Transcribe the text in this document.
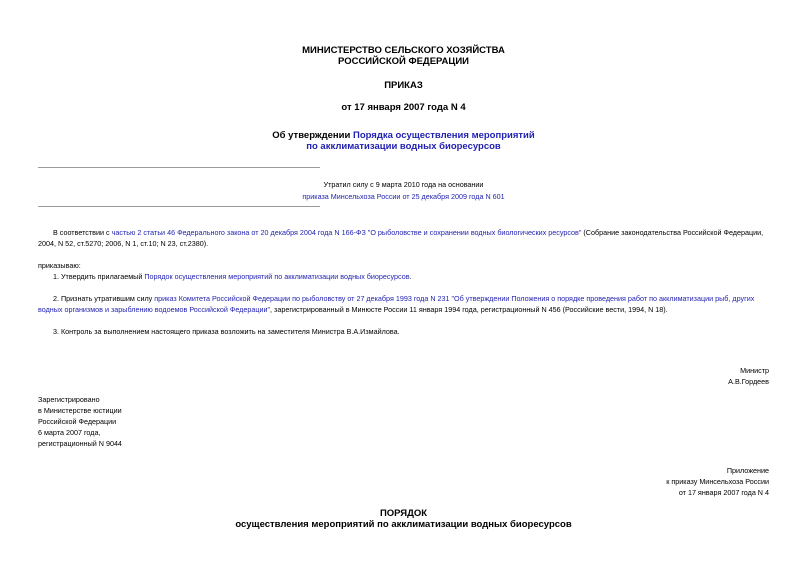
МИНИСТЕРСТВО СЕЛЬСКОГО ХОЗЯЙСТВА
РОССИЙСКОЙ ФЕДЕРАЦИИ
ПРИКАЗ
от 17 января 2007 года N 4
Об утверждении Порядка осуществления мероприятий
по акклиматизации водных биоресурсов
Утратил силу с 9 марта 2010 года на основании
приказа Минсельхоза России от 25 декабря 2009 года N 601
В соответствии с частью 2 статьи 46 Федерального закона от 20 декабря 2004 года N 166-ФЗ "О рыболовстве и сохранении водных биологических ресурсов" (Собрание законодательства Российской Федерации, 2004, N 52, ст.5270; 2006, N 1, ст.10; N 23, ст.2380).
приказываю:
1. Утвердить прилагаемый Порядок осуществления мероприятий по акклиматизации водных биоресурсов.
2. Признать утратившим силу приказ Комитета Российской Федерации по рыболовству от 27 декабря 1993 года N 231 "Об утверждении Положения о порядке проведения работ по акклиматизации рыб, других водных организмов и зарыблению водоемов Российской Федерации", зарегистрированный в Минюсте России 11 января 1994 года, регистрационный N 456 (Российские вести, 1994, N 18).
3. Контроль за выполнением настоящего приказа возложить на заместителя Министра В.А.Измайлова.
Министр
А.В.Гордеев
Зарегистрировано
в Министерстве юстиции
Российской Федерации
6 марта 2007 года,
регистрационный N 9044
Приложение
к приказу Минсельхоза России
от 17 января 2007 года N 4
ПОРЯДОК
осуществления мероприятий по акклиматизации водных биоресурсов
